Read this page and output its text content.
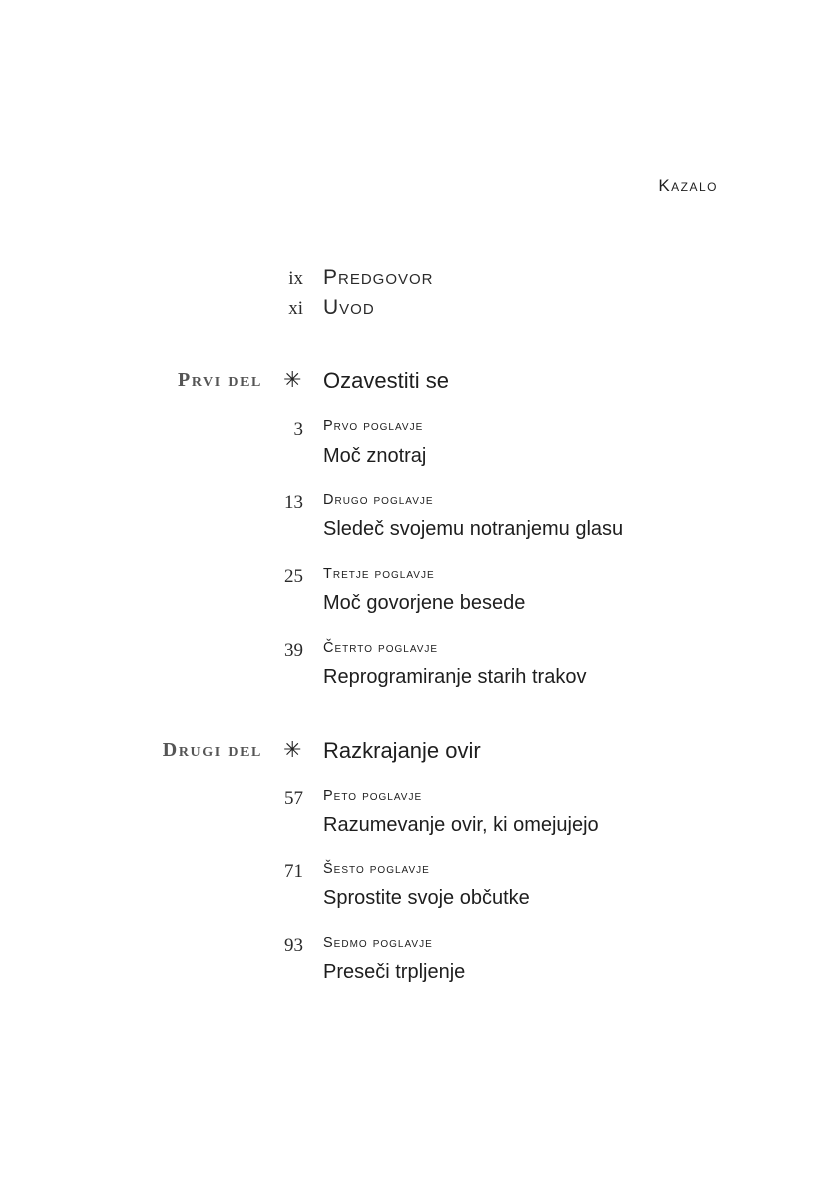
Kazalo
ix Predgovor
xi Uvod
Prvi del ✳ Ozavestiti se
3 Prvo poglavje
Moč znotraj
13 Drugo poglavje
Sledeč svojemu notranjemu glasu
25 Tretje poglavje
Moč govorjene besede
39 Četrto poglavje
Reprogramiranje starih trakov
Drugi del ✳ Razkrajanje ovir
57 Peto poglavje
Razumevanje ovir, ki omejujejo
71 Šesto poglavje
Sprostite svoje občutke
93 Sedmo poglavje
Preseči trpljenje
